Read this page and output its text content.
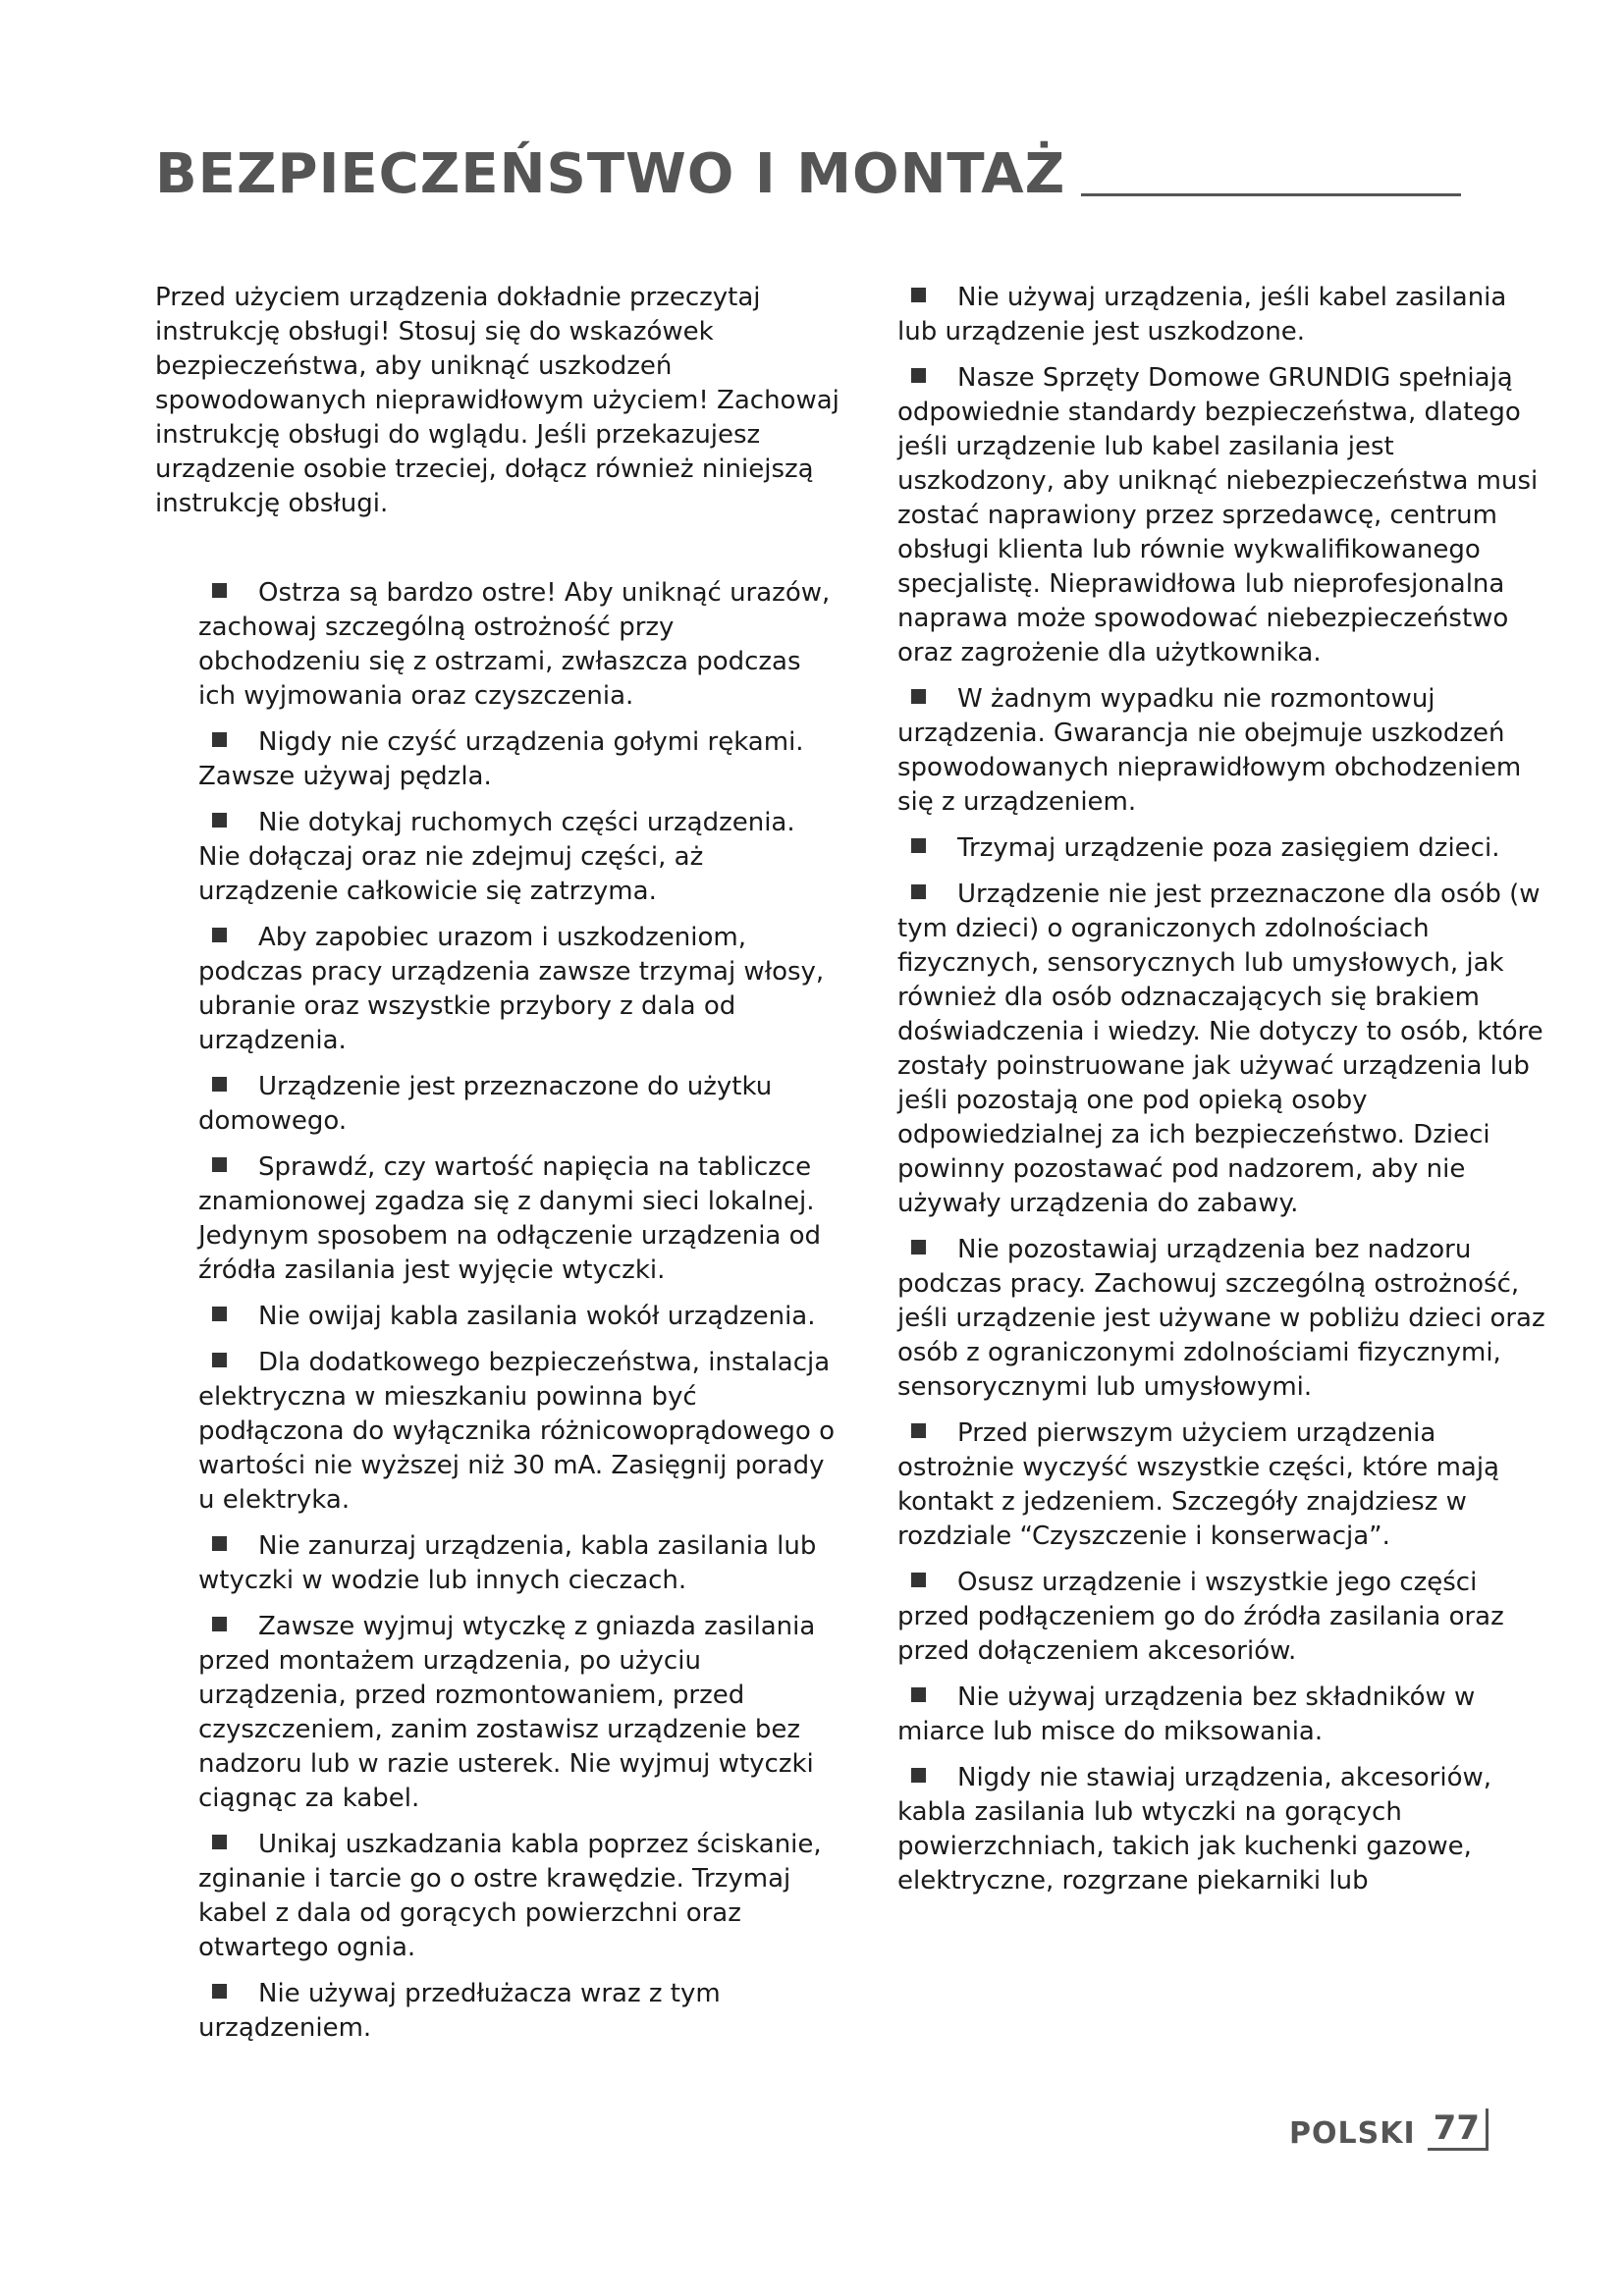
BEZPIECZEŃSTWO I MONTAŻ

Przed użyciem urządzenia dokładnie przeczytaj instrukcję obsługi! Stosuj się do wskazówek bezpieczeństwa, aby uniknąć uszkodzeń spowodowanych nieprawidłowym użyciem! Zachowaj instrukcję obsługi do wglądu. Jeśli przekazujesz urządzenie osobie trzeciej, dołącz również niniejszą instrukcję obsługi.

Ostrza są bardzo ostre! Aby uniknąć urazów, zachowaj szczególną ostrożność przy obchodzeniu się z ostrzami, zwłaszcza podczas ich wyjmowania oraz czyszczenia.
Nigdy nie czyść urządzenia gołymi rękami. Zawsze używaj pędzla.
Nie dotykaj ruchomych części urządzenia. Nie dołączaj oraz nie zdejmuj części, aż urządzenie całkowicie się zatrzyma.
Aby zapobiec urazom i uszkodzeniom, podczas pracy urządzenia zawsze trzymaj włosy, ubranie oraz wszystkie przybory z dala od urządzenia.
Urządzenie jest przeznaczone do użytku domowego.
Sprawdź, czy wartość napięcia na tabliczce znamionowej zgadza się z danymi sieci lokalnej. Jedynym sposobem na odłączenie urządzenia od źródła zasilania jest wyjęcie wtyczki.
Nie owijaj kabla zasilania wokół urządzenia.
Dla dodatkowego bezpieczeństwa, instalacja elektryczna w mieszkaniu powinna być podłączona do wyłącznika różnicowoprądowego o wartości nie wyższej niż 30 mA. Zasięgnij porady u elektryka.
Nie zanurzaj urządzenia, kabla zasilania lub wtyczki w wodzie lub innych cieczach.
Zawsze wyjmuj wtyczkę z gniazda zasilania przed montażem urządzenia, po użyciu urządzenia, przed rozmontowaniem, przed czyszczeniem, zanim zostawisz urządzenie bez nadzoru lub w razie usterek. Nie wyjmuj wtyczki ciągnąc za kabel.
Unikaj uszkadzania kabla poprzez ściskanie, zginanie i tarcie go o ostre krawędzie. Trzymaj kabel z dala od gorących powierzchni oraz otwartego ognia.
Nie używaj przedłużacza wraz z tym urządzeniem.
Nie używaj urządzenia, jeśli kabel zasilania lub urządzenie jest uszkodzone.
Nasze Sprzęty Domowe GRUNDIG spełniają odpowiednie standardy bezpieczeństwa, dlatego jeśli urządzenie lub kabel zasilania jest uszkodzony, aby uniknąć niebezpieczeństwa musi zostać naprawiony przez sprzedawcę, centrum obsługi klienta lub równie wykwalifikowanego specjalistę. Nieprawidłowa lub nieprofesjonalna naprawa może spowodować niebezpieczeństwo oraz zagrożenie dla użytkownika.
W żadnym wypadku nie rozmontowuj urządzenia. Gwarancja nie obejmuje uszkodzeń spowodowanych nieprawidłowym obchodzeniem się z urządzeniem.
Trzymaj urządzenie poza zasięgiem dzieci.
Urządzenie nie jest przeznaczone dla osób (w tym dzieci) o ograniczonych zdolnościach fizycznych, sensorycznych lub umysłowych, jak również dla osób odznaczających się brakiem doświadczenia i wiedzy. Nie dotyczy to osób, które zostały poinstruowane jak używać urządzenia lub jeśli pozostają one pod opieką osoby odpowiedzialnej za ich bezpieczeństwo. Dzieci powinny pozostawać pod nadzorem, aby nie używały urządzenia do zabawy.
Nie pozostawiaj urządzenia bez nadzoru podczas pracy. Zachowuj szczególną ostrożność, jeśli urządzenie jest używane w pobliżu dzieci oraz osób z ograniczonymi zdolnościami fizycznymi, sensorycznymi lub umysłowymi.
Przed pierwszym użyciem urządzenia ostrożnie wyczyść wszystkie części, które mają kontakt z jedzeniem. Szczegóły znajdziesz w rozdziale “Czyszczenie i konserwacja”.
Osusz urządzenie i wszystkie jego części przed podłączeniem go do źródła zasilania oraz przed dołączeniem akcesoriów.
Nie używaj urządzenia bez składników w miarce lub misce do miksowania.
Nigdy nie stawiaj urządzenia, akcesoriów, kabla zasilania lub wtyczki na gorących powierzchniach, takich jak kuchenki gazowe, elektryczne, rozgrzane piekarniki lub
POLSKI 77
